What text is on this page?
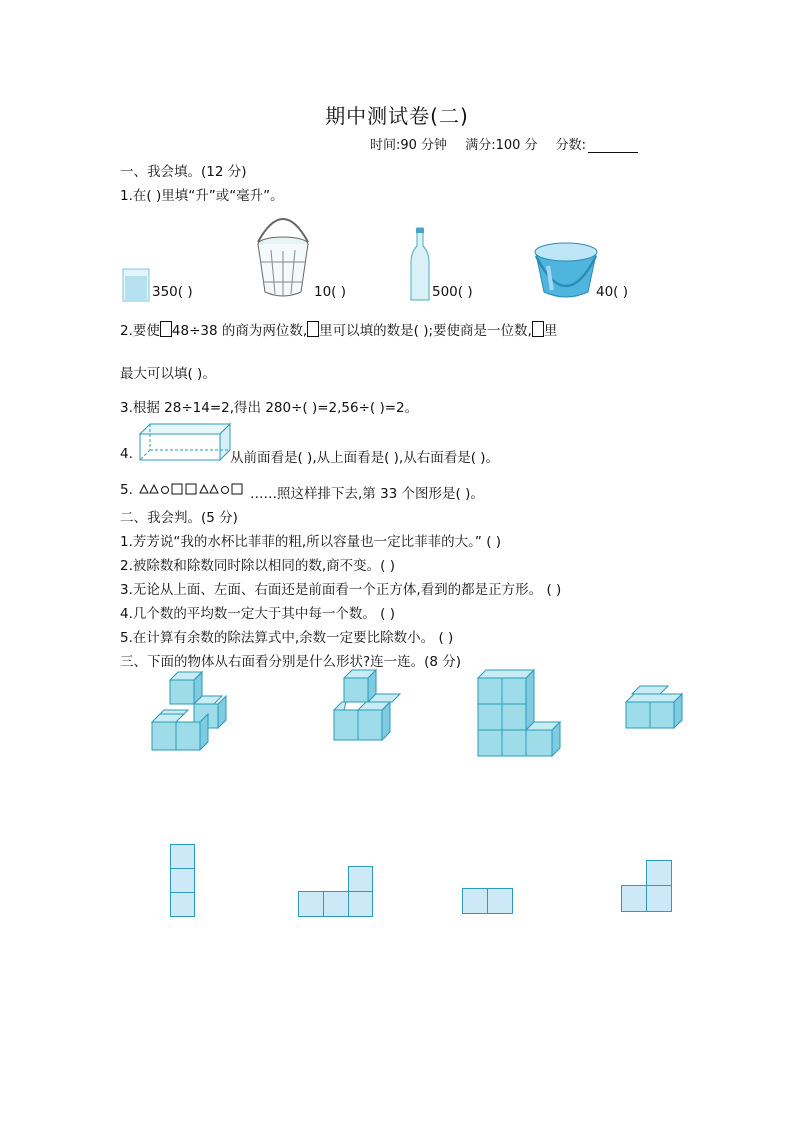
期中测试卷(二)
时间:90 分钟 满分:100 分 分数:
一、我会填。(12 分)
1.在( )里填“升”或“毫升”。
350( )	10( )	500( )	40( )
2.要使 48÷38 的商为两位数, 里可以填的数是( );要使商是一位数, 里
最大可以填( )。
3.根据 28÷14=2,得出 280÷( )=2,56÷( )=2。
4.	从前面看是( ),从上面看是( ),从右面看是( )。
5.	……照这样排下去,第 33 个图形是( )。
二、我会判。(5 分)
1.芳芳说“我的水杯比菲菲的粗,所以容量也一定比菲菲的大。” ( )
2.被除数和除数同时除以相同的数,商不变。( )
3.无论从上面、左面、右面还是前面看一个正方体,看到的都是正方形。 ( )
4.几个数的平均数一定大于其中每一个数。 ( )
5.在计算有余数的除法算式中,余数一定要比除数小。 ( )
三、下面的物体从右面看分别是什么形状?连一连。(8 分)
